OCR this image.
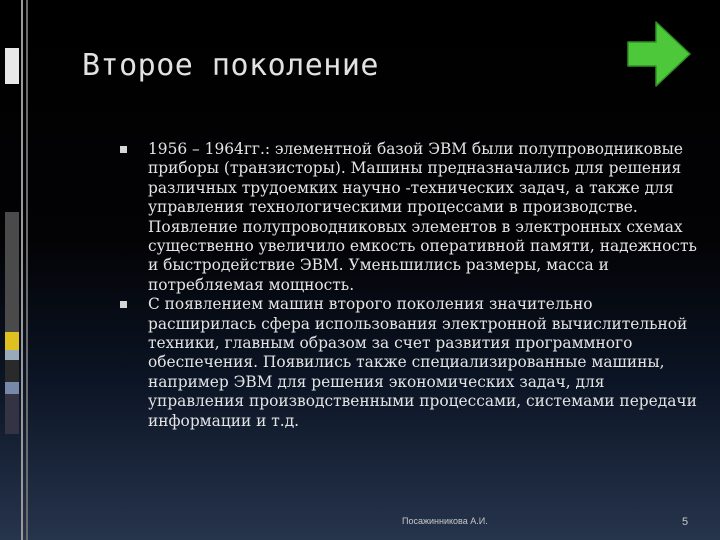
Второе поколение
1956 – 1964гг.: элементной базой ЭВМ были полупроводниковые приборы (транзисторы). Машины предназначались для решения различных трудоемких научно -технических задач, а также для управления технологическими процессами в производстве. Появление полупроводниковых элементов в электронных схемах существенно увеличило емкость оперативной памяти, надежность и быстродействие ЭВМ. Уменьшились размеры, масса и потребляемая мощность.
С появлением машин второго поколения значительно расширилась сфера использования электронной вычислительной техники, главным образом за счет развития программного обеспечения. Появились также специализированные машины, например ЭВМ для решения экономических задач, для управления производственными процессами, системами передачи информации и т.д.
Посажинникова А.И.	5
